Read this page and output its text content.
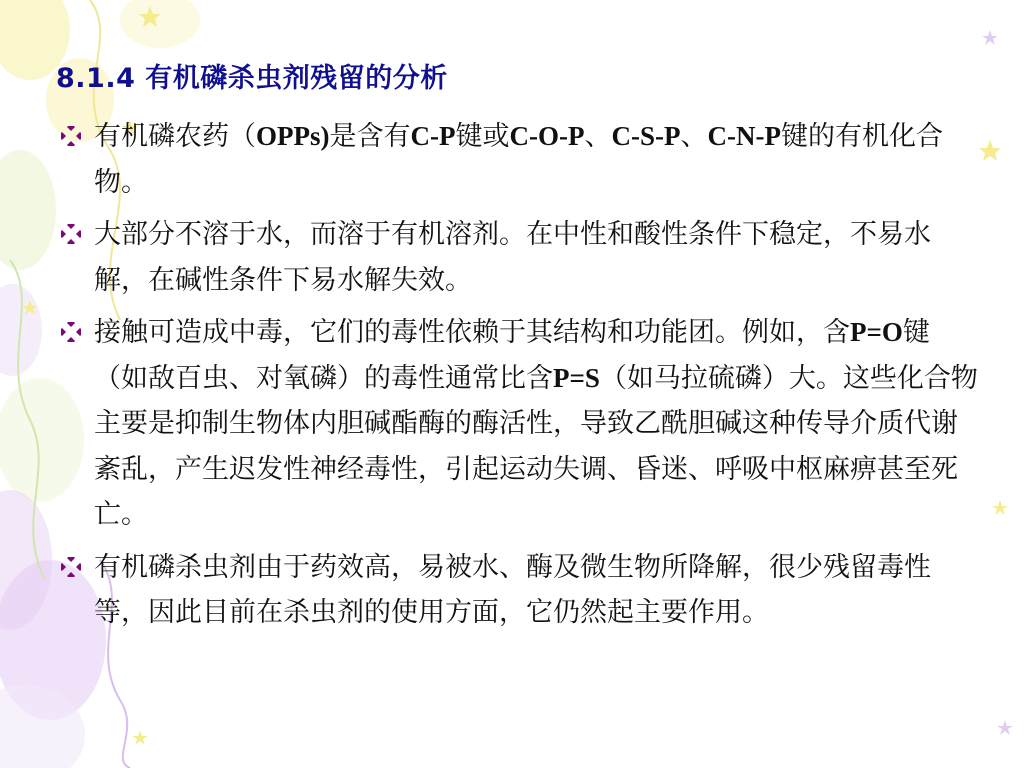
8.1.4 有机磷杀虫剂残留的分析
有机磷农药（OPPs)是含有C-P键或C-O-P、C-S-P、C-N-P键的有机化合物。
大部分不溶于水，而溶于有机溶剂。在中性和酸性条件下稳定，不易水解，在碱性条件下易水解失效。
接触可造成中毒，它们的毒性依赖于其结构和功能团。例如，含P=O键（如敌百虫、对氧磷）的毒性通常比含P=S（如马拉硫磷）大。这些化合物主要是抑制生物体内胆碱酯酶的酶活性，导致乙酰胆碱这种传导介质代谢紊乱，产生迟发性神经毒性，引起运动失调、昏迷、呼吸中枢麻痹甚至死亡。
有机磷杀虫剂由于药效高，易被水、酶及微生物所降解，很少残留毒性等，因此目前在杀虫剂的使用方面，它仍然起主要作用。
